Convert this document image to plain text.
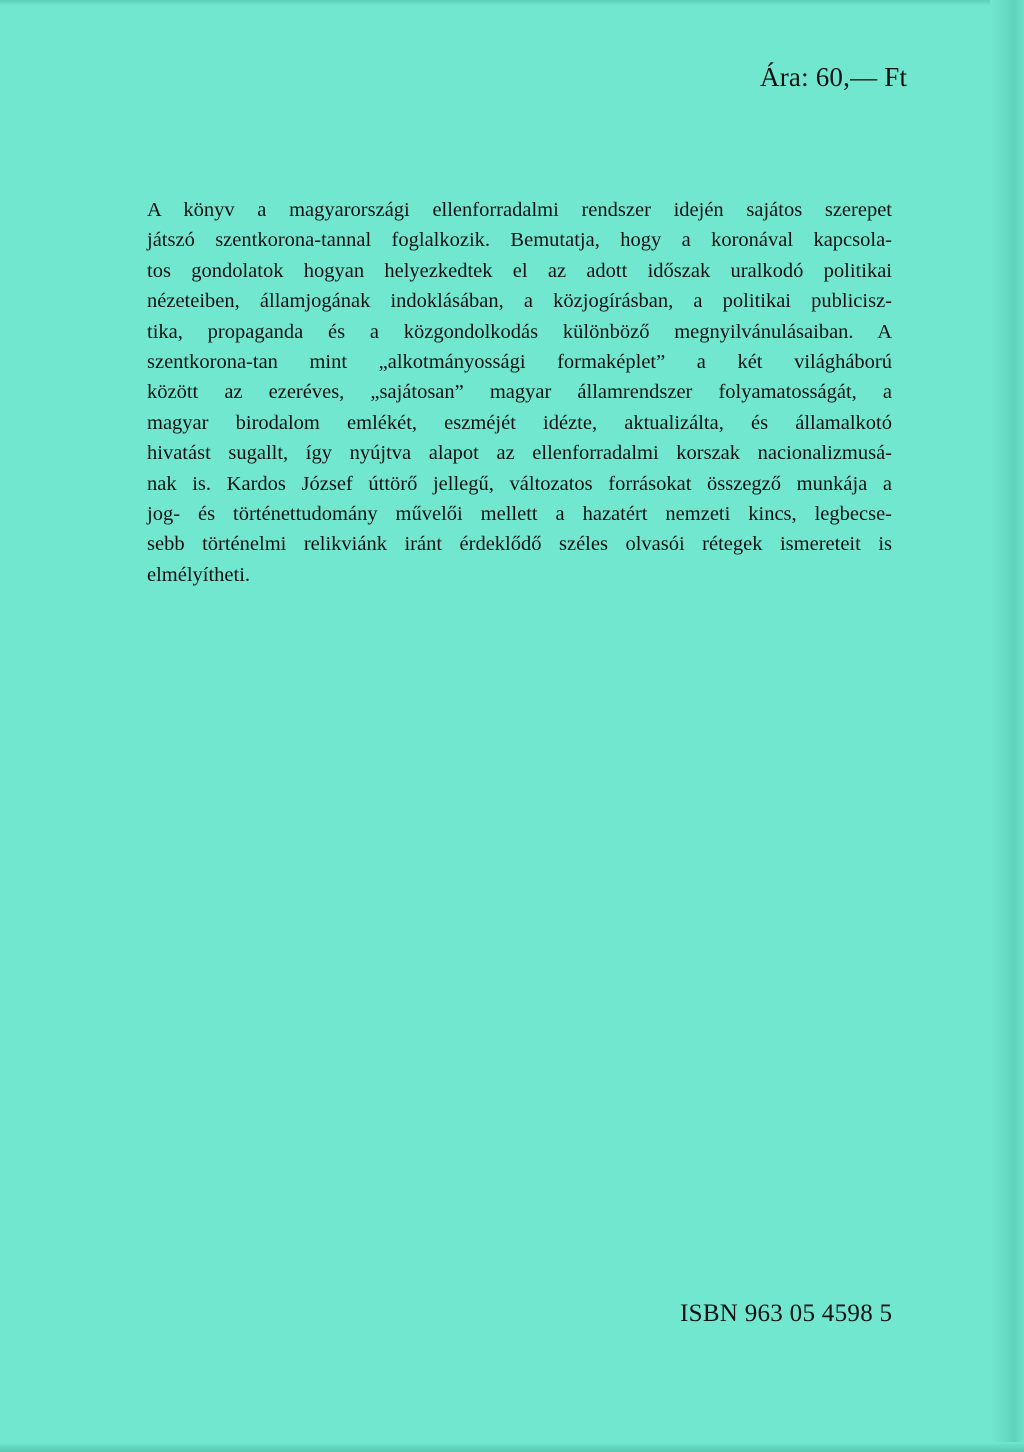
Ára: 60,— Ft
A könyv a magyarországi ellenforradalmi rendszer idején sajátos szerepet
játszó szentkorona-tannal foglalkozik. Bemutatja, hogy a koronával kapcsola-
tos gondolatok hogyan helyezkedtek el az adott időszak uralkodó politikai
nézeteiben, államjogának indoklásában, a közjogírásban, a politikai publicisz-
tika, propaganda és a közgondolkodás különböző megnyilvánulásaiban. A
szentkorona-tan mint „alkotmányossági formaképlet” a két világháború
között az ezeréves, „sajátosan” magyar államrendszer folyamatosságát, a
magyar birodalom emlékét, eszméjét idézte, aktualizálta, és államalkotó
hivatást sugallt, így nyújtva alapot az ellenforradalmi korszak nacionalizmusá-
nak is. Kardos József úttörő jellegű, változatos forrásokat összegző munkája a
jog- és történettudomány művelői mellett a hazatért nemzeti kincs, legbecse-
sebb történelmi relikviánk iránt érdeklődő széles olvasói rétegek ismereteit is
elmélyítheti.
ISBN 963 05 4598 5
